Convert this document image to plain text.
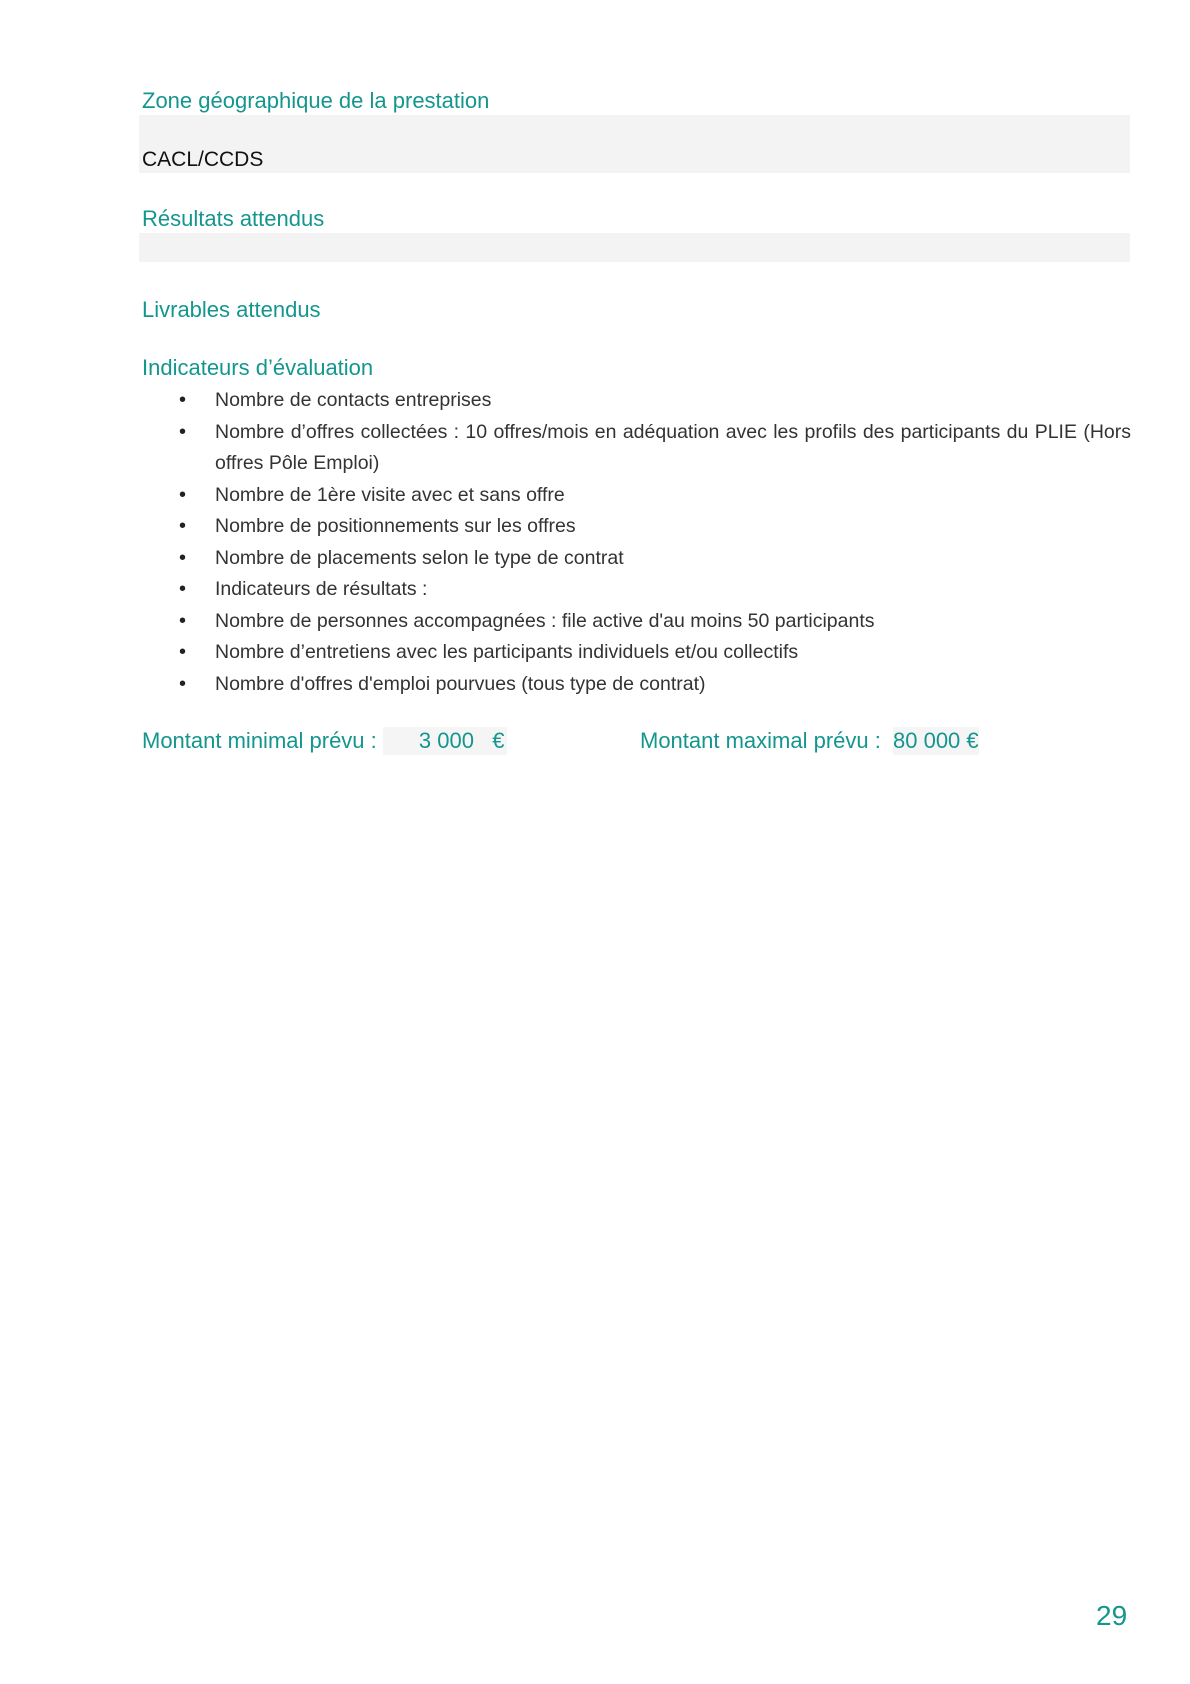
Zone géographique de la prestation
CACL/CCDS
Résultats attendus
Livrables attendus
Indicateurs d’évaluation
• Nombre de contacts entreprises
• Nombre d’offres collectées : 10 offres/mois en adéquation avec les profils des participants du PLIE (Hors offres Pôle Emploi)
• Nombre de 1ère visite avec et sans offre
• Nombre de positionnements sur les offres
• Nombre de placements selon le type de contrat
• Indicateurs de résultats :
• Nombre de personnes accompagnées : file active d'au moins 50 participants
• Nombre d’entretiens avec les participants individuels et/ou collectifs
• Nombre d'offres d'emploi pourvues (tous type de contrat)
Montant minimal prévu : 3 000 €	Montant maximal prévu : 80 000 €
29
